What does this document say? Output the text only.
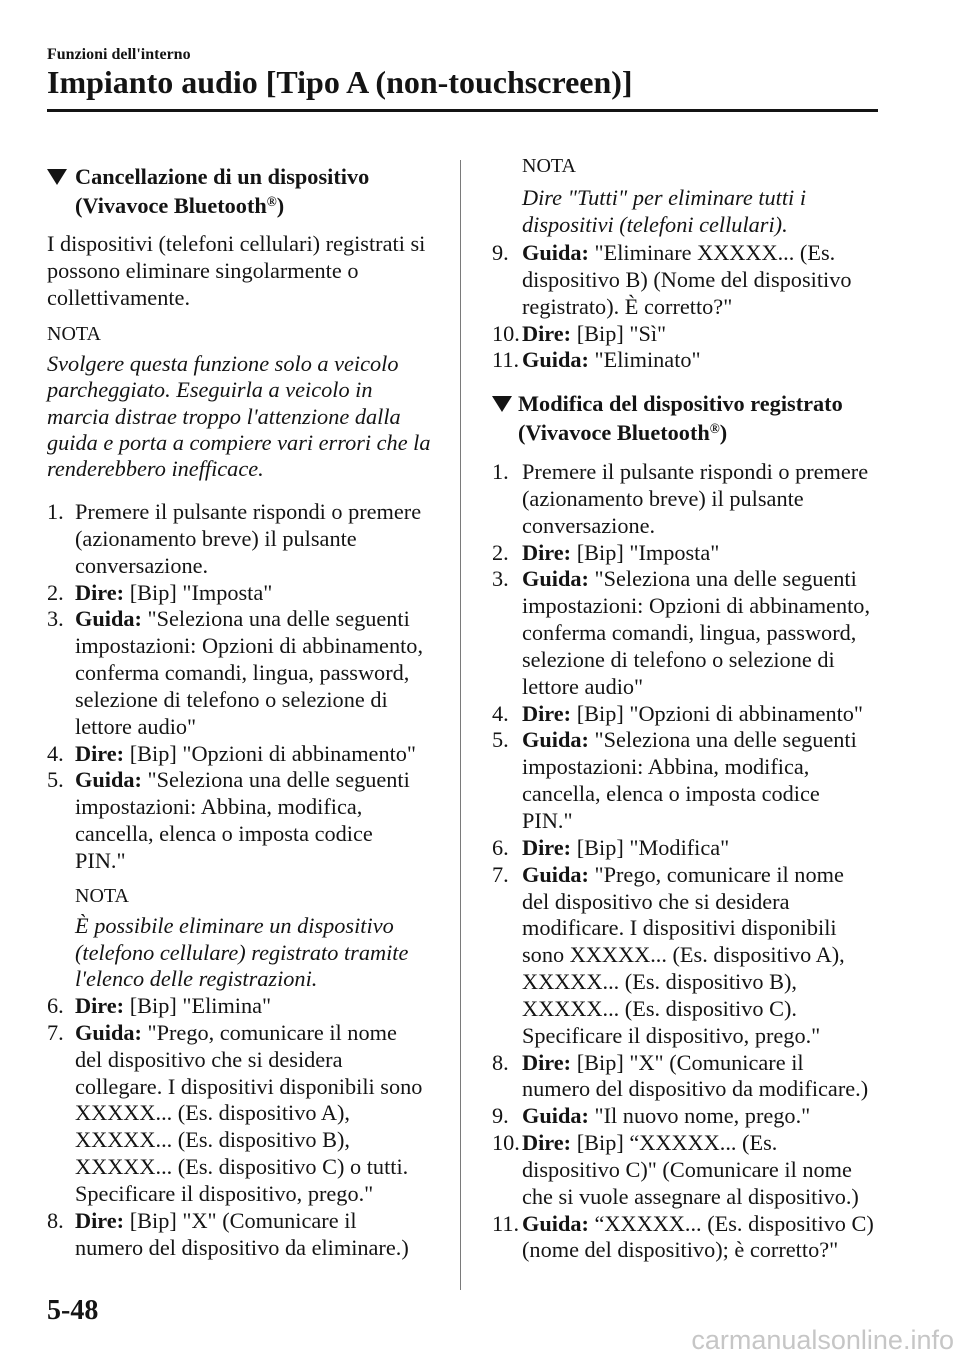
Funzioni dell'interno
Impianto audio [Tipo A (non-touchscreen)]
Cancellazione di un dispositivo
(Vivavoce Bluetooth®)
I dispositivi (telefoni cellulari) registrati si
possono eliminare singolarmente o
collettivamente.
NOTA
Svolgere questa funzione solo a veicolo
parcheggiato. Eseguirla a veicolo in
marcia distrae troppo l'attenzione dalla
guida e porta a compiere vari errori che la
renderebbero inefficace.
1. Premere il pulsante rispondi o premere
(azionamento breve) il pulsante
conversazione.
2. Dire: [Bip] "Imposta"
3. Guida: "Seleziona una delle seguenti
impostazioni: Opzioni di abbinamento,
conferma comandi, lingua, password,
selezione di telefono o selezione di
lettore audio"
4. Dire: [Bip] "Opzioni di abbinamento"
5. Guida: "Seleziona una delle seguenti
impostazioni: Abbina, modifica,
cancella, elenca o imposta codice
PIN."
NOTA
È possibile eliminare un dispositivo
(telefono cellulare) registrato tramite
l'elenco delle registrazioni.
6. Dire: [Bip] "Elimina"
7. Guida: "Prego, comunicare il nome
del dispositivo che si desidera
collegare. I dispositivi disponibili sono
XXXXX... (Es. dispositivo A),
XXXXX... (Es. dispositivo B),
XXXXX... (Es. dispositivo C) o tutti.
Specificare il dispositivo, prego."
8. Dire: [Bip] "X" (Comunicare il
numero del dispositivo da eliminare.)
NOTA
Dire "Tutti" per eliminare tutti i
dispositivi (telefoni cellulari).
9. Guida: "Eliminare XXXXX... (Es.
dispositivo B) (Nome del dispositivo
registrato). È corretto?"
10. Dire: [Bip] "Sì"
11. Guida: "Eliminato"
Modifica del dispositivo registrato
(Vivavoce Bluetooth®)
1. Premere il pulsante rispondi o premere
(azionamento breve) il pulsante
conversazione.
2. Dire: [Bip] "Imposta"
3. Guida: "Seleziona una delle seguenti
impostazioni: Opzioni di abbinamento,
conferma comandi, lingua, password,
selezione di telefono o selezione di
lettore audio"
4. Dire: [Bip] "Opzioni di abbinamento"
5. Guida: "Seleziona una delle seguenti
impostazioni: Abbina, modifica,
cancella, elenca o imposta codice
PIN."
6. Dire: [Bip] "Modifica"
7. Guida: "Prego, comunicare il nome
del dispositivo che si desidera
modificare. I dispositivi disponibili
sono XXXXX... (Es. dispositivo A),
XXXXX... (Es. dispositivo B),
XXXXX... (Es. dispositivo C).
Specificare il dispositivo, prego."
8. Dire: [Bip] "X" (Comunicare il
numero del dispositivo da modificare.)
9. Guida: "Il nuovo nome, prego."
10. Dire: [Bip] “XXXXX... (Es.
dispositivo C)" (Comunicare il nome
che si vuole assegnare al dispositivo.)
11. Guida: “XXXXX... (Es. dispositivo C)
(nome del dispositivo); è corretto?"
5-48
carmanualsonline.info
